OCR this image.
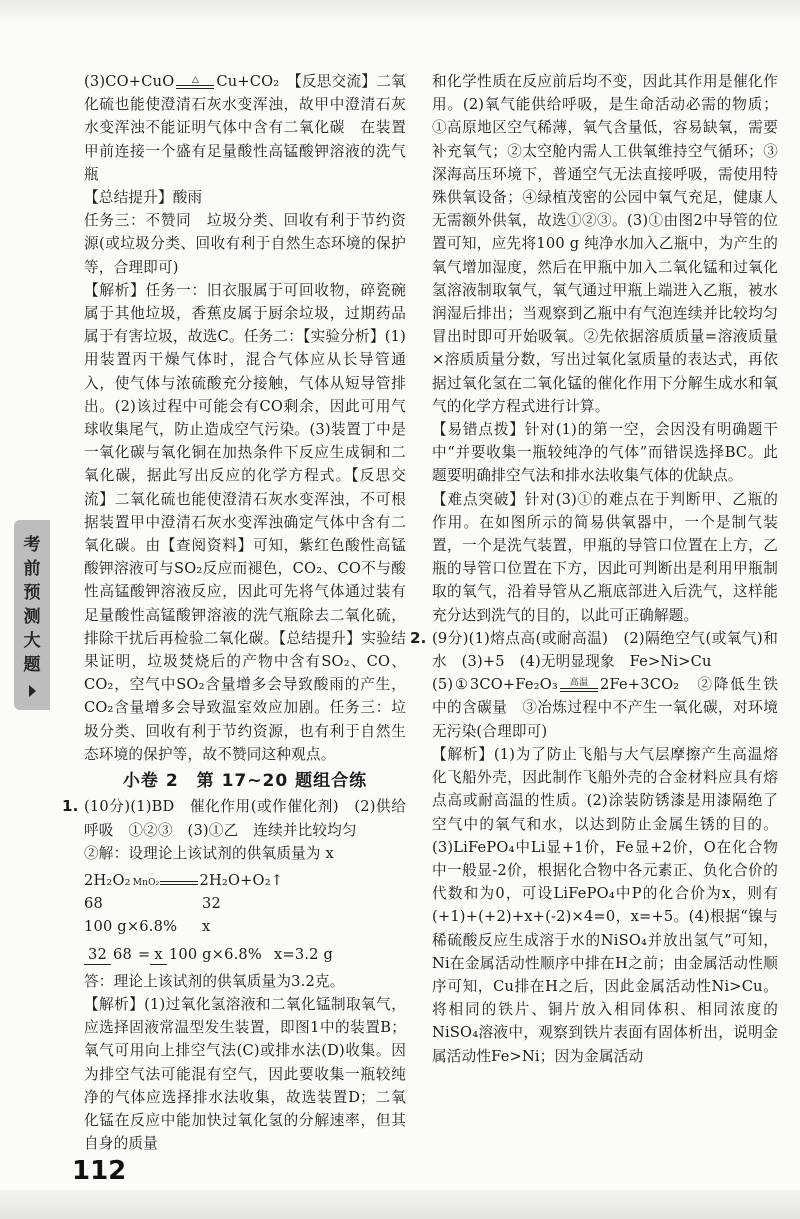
考
前
预
测
大
题

(3)CO+CuO △ Cu+CO₂　【反思交流】二氧化硫也能使澄清石灰水变浑浊，故甲中澄清石灰水变浑浊不能证明气体中含有二氧化碳　在装置甲前连接一个盛有足量酸性高锰酸钾溶液的洗气瓶

【总结提升】酸雨

任务三：不赞同　垃圾分类、回收有利于节约资源(或垃圾分类、回收有利于自然生态环境的保护等，合理即可)

【解析】任务一：旧衣服属于可回收物，碎瓷碗属于其他垃圾，香蕉皮属于厨余垃圾，过期药品属于有害垃圾，故选C。任务二：【实验分析】(1)用装置丙干燥气体时，混合气体应从长导管通入，使气体与浓硫酸充分接触，气体从短导管排出。(2)该过程中可能会有CO剩余，因此可用气球收集尾气，防止造成空气污染。(3)装置丁中是一氧化碳与氧化铜在加热条件下反应生成铜和二氧化碳，据此写出反应的化学方程式。【反思交流】二氧化硫也能使澄清石灰水变浑浊，不可根据装置甲中澄清石灰水变浑浊确定气体中含有二氧化碳。由【查阅资料】可知，紫红色酸性高锰酸钾溶液可与SO₂反应而褪色，CO₂、CO不与酸性高锰酸钾溶液反应，因此可先将气体通过装有足量酸性高锰酸钾溶液的洗气瓶除去二氧化硫，排除干扰后再检验二氧化碳。【总结提升】实验结果证明，垃圾焚烧后的产物中含有SO₂、CO、CO₂，空气中SO₂含量增多会导致酸雨的产生，CO₂含量增多会导致温室效应加剧。任务三：垃圾分类、回收有利于节约资源，也有利于自然生态环境的保护等，故不赞同这种观点。

小卷 2　第 17~20 题组合练

1. (10分)(1)BD　催化作用(或作催化剂)　(2)供给呼吸　①②③　(3)①乙　连续并比较均匀

②解：设理论上该试剂的供氧质量为 x

2H₂O₂ MnO₂	2H₂O+O₂↑
68	32
100 g×6.8%	x
32 68 = x 100 g×6.8% x=3.2 g

答：理论上该试剂的供氧质量为3.2克。

【解析】(1)过氧化氢溶液和二氧化锰制取氧气，应选择固液常温型发生装置，即图1中的装置B；氧气可用向上排空气法(C)或排水法(D)收集。因为排空气法可能混有空气，因此要收集一瓶较纯净的气体应选择排水法收集，故选装置D；二氧化锰在反应中能加快过氧化氢的分解速率，但其自身的质量

和化学性质在反应前后均不变，因此其作用是催化作用。(2)氧气能供给呼吸，是生命活动必需的物质；①高原地区空气稀薄，氧气含量低，容易缺氧，需要补充氧气；②太空舱内需人工供氧维持空气循环；③深海高压环境下，普通空气无法直接呼吸，需使用特殊供氧设备；④绿植茂密的公园中氧气充足，健康人无需额外供氧，故选①②③。(3)①由图2中导管的位置可知，应先将100 g 纯净水加入乙瓶中，为产生的氧气增加湿度，然后在甲瓶中加入二氧化锰和过氧化氢溶液制取氧气，氧气通过甲瓶上端进入乙瓶，被水润湿后排出；当观察到乙瓶中有气泡连续并比较均匀冒出时即可开始吸氧。②先依据溶质质量=溶液质量×溶质质量分数，写出过氧化氢质量的表达式，再依据过氧化氢在二氧化锰的催化作用下分解生成水和氧气的化学方程式进行计算。

【易错点拨】针对(1)的第一空，会因没有明确题干中“并要收集一瓶较纯净的气体”而错误选择BC。此题要明确排空气法和排水法收集气体的优缺点。

【难点突破】针对(3)①的难点在于判断甲、乙瓶的作用。在如图所示的简易供氧器中，一个是制气装置，一个是洗气装置，甲瓶的导管口位置在上方，乙瓶的导管口位置在下方，因此可判断出是利用甲瓶制取的氧气，沿着导管从乙瓶底部进入后洗气，这样能充分达到洗气的目的，以此可正确解题。

2. (9分)(1)熔点高(或耐高温)　(2)隔绝空气(或氧气)和水　(3)+5　(4)无明显现象　Fe>Ni>Cu

(5)①3CO+Fe₂O₃ 高温 2Fe+3CO₂　②降低生铁中的含碳量　③冶炼过程中不产生一氧化碳，对环境无污染(合理即可)

【解析】(1)为了防止飞船与大气层摩擦产生高温熔化飞船外壳，因此制作飞船外壳的合金材料应具有熔点高或耐高温的性质。(2)涂装防锈漆是用漆隔绝了空气中的氧气和水，以达到防止金属生锈的目的。(3)LiFePO₄中Li显+1价，Fe显+2价，O在化合物中一般显-2价，根据化合物中各元素正、负化合价的代数和为0，可设LiFePO₄中P的化合价为x，则有(+1)+(+2)+x+(-2)×4=0，x=+5。(4)根据“镍与稀硫酸反应生成溶于水的NiSO₄并放出氢气”可知，Ni在金属活动性顺序中排在H之前；由金属活动性顺序可知，Cu排在H之后，因此金属活动性Ni>Cu。将相同的铁片、铜片放入相同体积、相同浓度的NiSO₄溶液中，观察到铁片表面有固体析出，说明金属活动性Fe>Ni；因为金属活动

112
